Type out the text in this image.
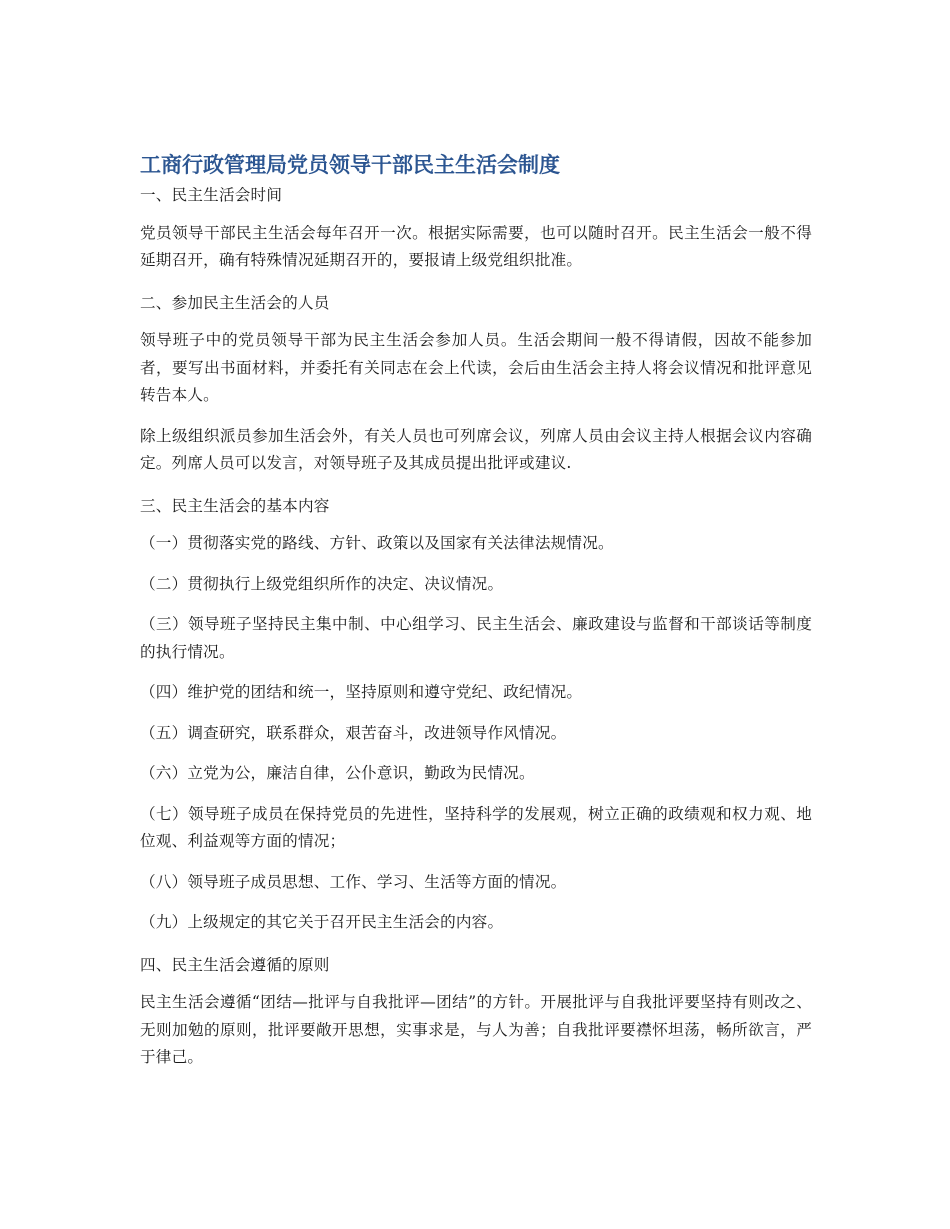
工商行政管理局党员领导干部民主生活会制度

一、民主生活会时间

党员领导干部民主生活会每年召开一次。根据实际需要，也可以随时召开。民主生活会一般不得延期召开，确有特殊情况延期召开的，要报请上级党组织批准。

二、参加民主生活会的人员

领导班子中的党员领导干部为民主生活会参加人员。生活会期间一般不得请假，因故不能参加者，要写出书面材料，并委托有关同志在会上代读，会后由生活会主持人将会议情况和批评意见转告本人。

除上级组织派员参加生活会外，有关人员也可列席会议，列席人员由会议主持人根据会议内容确定。列席人员可以发言，对领导班子及其成员提出批评或建议.

三、民主生活会的基本内容

（一）贯彻落实党的路线、方针、政策以及国家有关法律法规情况。

（二）贯彻执行上级党组织所作的决定、决议情况。

（三）领导班子坚持民主集中制、中心组学习、民主生活会、廉政建设与监督和干部谈话等制度的执行情况。

（四）维护党的团结和统一，坚持原则和遵守党纪、政纪情况。

（五）调查研究，联系群众，艰苦奋斗，改进领导作风情况。

（六）立党为公，廉洁自律，公仆意识，勤政为民情况。

（七）领导班子成员在保持党员的先进性，坚持科学的发展观，树立正确的政绩观和权力观、地位观、利益观等方面的情况；

（八）领导班子成员思想、工作、学习、生活等方面的情况。

（九）上级规定的其它关于召开民主生活会的内容。

四、民主生活会遵循的原则

民主生活会遵循“团结—批评与自我批评—团结”的方针。开展批评与自我批评要坚持有则改之、无则加勉的原则，批评要敞开思想，实事求是，与人为善；自我批评要襟怀坦荡，畅所欲言，严于律己。
